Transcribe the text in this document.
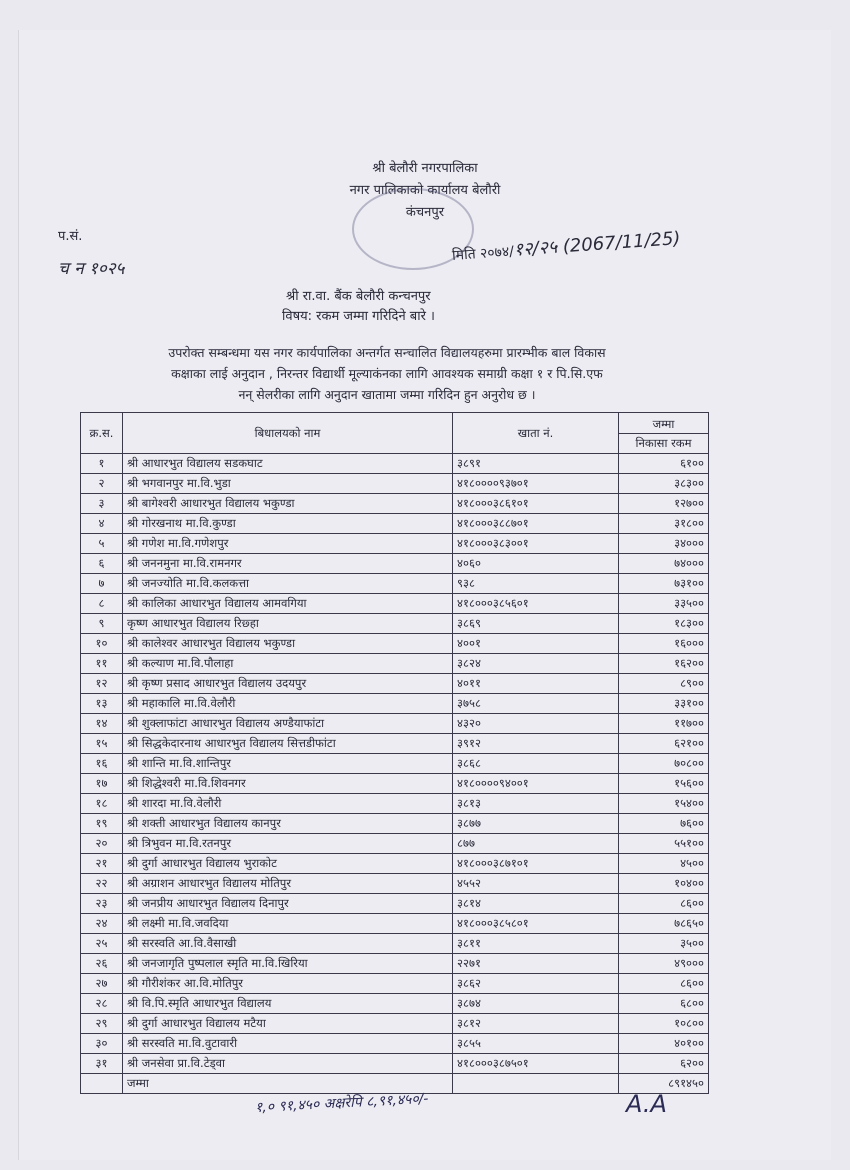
श्री बेलौरी नगरपालिका
नगर पालिकाको कार्यालय बेलौरी
कंचनपुर
प.सं.
च न १०२५
मिति २०७४/१२/२५ (2067/11/25)
श्री रा.वा. बैंक बेलौरी कन्चनपुर
विषय: रकम जम्मा गरिदिने बारे ।
उपरोक्त सम्बन्धमा यस नगर कार्यपालिका अन्तर्गत सन्चालित विद्यालयहरुमा प्रारम्भीक बाल विकास
कक्षाका लाई अनुदान , निरन्तर विद्यार्थी मूल्याकंनका लागि आवश्यक समाग्री कक्षा १ र पि.सि.एफ
नन् सेलरीका लागि अनुदान खातामा जम्मा गरिदिन हुन अनुरोध छ ।
क्र.स.	बिधालयको नाम	खाता नं.	जम्मा
निकासा रकम

१	श्री आधारभुत विद्यालय सडकघाट	३८९१	६१००
२	श्री भगवानपुर मा.वि.भुडा	४१८००००९३७०१	३८३००
३	श्री बागेश्वरी आधारभुत विद्यालय भकुण्डा	४१८०००३८६१०१	१२७००
४	श्री गोरखनाथ मा.वि.कुण्डा	४१८०००३८८७०१	३१८००
५	श्री गणेश मा.वि.गणेशपुर	४१८०००३८३००१	३४०००
६	श्री जननमुना मा.वि.रामनगर	४०६०	७४०००
७	श्री जनज्योति मा.वि.कलकत्ता	९३८	७३१००
८	श्री कालिका आधारभुत विद्यालय आमवगिया	४१८०००३८५६०१	३३५००
९	कृष्ण आधारभुत विद्यालय रिछ्हा	३८६९	१८३००
१०	श्री कालेश्वर आधारभुत विद्यालय भकुण्डा	४००१	१६०००
११	श्री कल्याण मा.वि.पौलाहा	३८२४	१६२००
१२	श्री कृष्ण प्रसाद आधारभुत विद्यालय उदयपुर	४०११	८९००
१३	श्री महाकालि मा.वि.वेलौरी	३७५८	३३१००
१४	श्री शुक्लाफांटा आधारभुत विद्यालय अण्डैयाफांटा	४३२०	११७००
१५	श्री सिद्धकेदारनाथ आधारभुत विद्यालय सित्तडीफांटा	३९१२	६२१००
१६	श्री शान्ति मा.वि.शान्तिपुर	३८६८	७०८००
१७	श्री शिद्धेश्वरी मा.वि.शिवनगर	४१८००००९४००१	१५६००
१८	श्री शारदा मा.वि.वेलौरी	३८१३	१५४००
१९	श्री शक्ती आधारभुत विद्यालय कानपुर	३८७७	७६००
२०	श्री त्रिभुवन मा.वि.रतनपुर	८७७	५५१००
२१	श्री दुर्गा आधारभुत विद्यालय भुराकोट	४१८०००३८७१०१	४५००
२२	श्री अग्राशन आधारभुत विद्यालय मोतिपुर	४५५२	१०४००
२३	श्री जनप्रीय आधारभुत विद्यालय दिनापुर	३८१४	८६००
२४	श्री लक्ष्मी मा.वि.जवदिया	४१८०००३८५८०१	७८६५०
२५	श्री सरस्वति आ.वि.वैसाखी	३८११	३५००
२६	श्री जनजागृति पुष्पलाल स्मृति मा.वि.खिरिया	२२७१	४९०००
२७	श्री गौरीशंकर आ.वि.मोतिपुर	३८६२	८६००
२८	श्री वि.पि.स्मृति आधारभुत विद्यालय	३८७४	६८००
२९	श्री दुर्गा आधारभुत विद्यालय मटैया	३८१२	१०८००
३०	श्री सरस्वति मा.वि.वुटावारी	३८५५	४०१००
३१	श्री जनसेवा प्रा.वि.टेड्वा	४१८०००३८७५०१	६२००
	जम्मा		८९१४५०
१,० ९१,४५० अक्षरेपि ८,९१,४५०/-	A.A
